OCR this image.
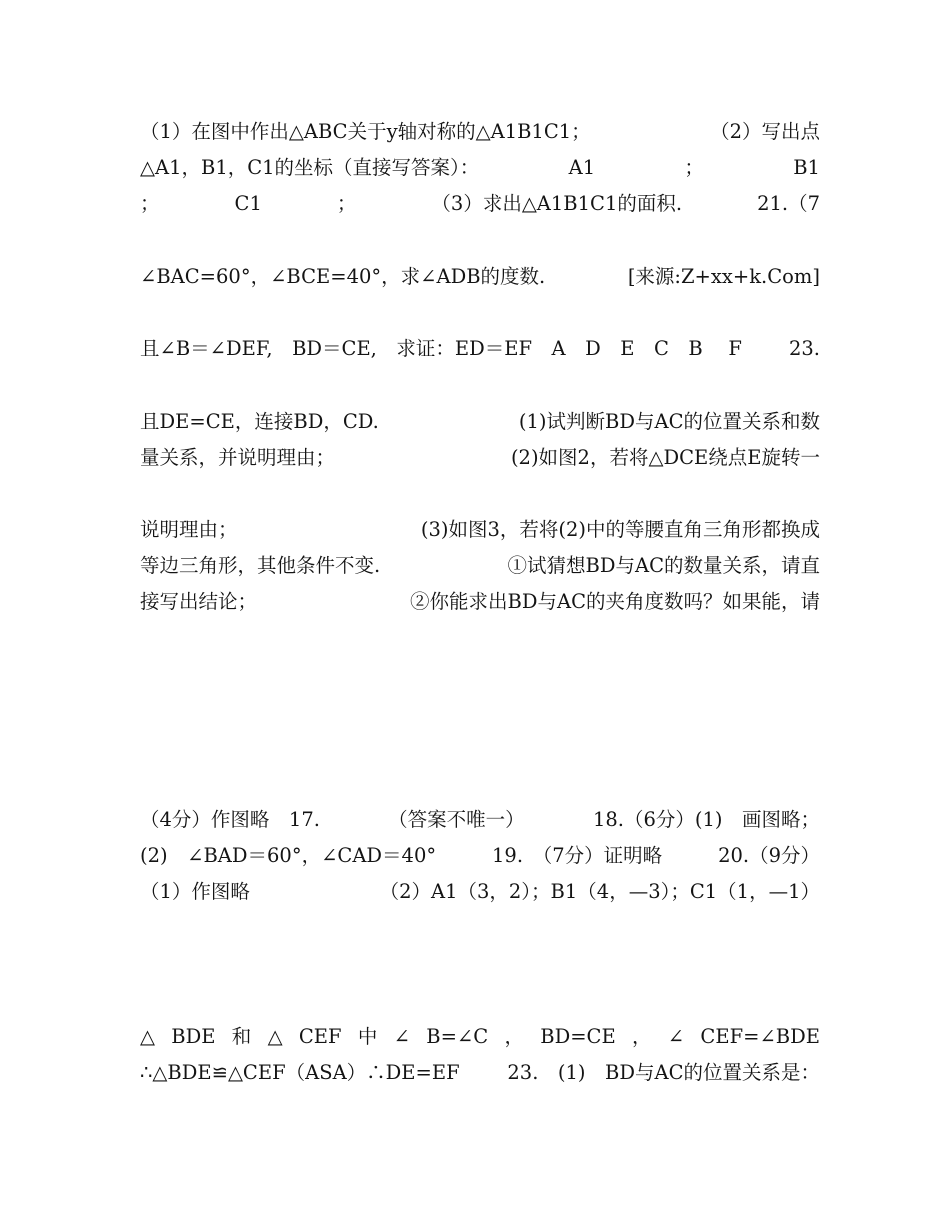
（1）在图中作出△ABC关于y轴对称的△A1B1C1；	（2）写出点
△A1，B1，C1的坐标（直接写答案）：	A1	；	B1
；	C1	；	（3）求出△A1B1C1的面积.	21.（7

∠BAC=60°，∠BCE=40°，求∠ADB的度数.	[来源:Z+xx+k.Com]

且∠B＝∠DEF,　BD＝CE,　求证：ED＝EF　A　D　E　C　B　 F 23.

且DE=CE，连接BD，CD.	(1)试判断BD与AC的位置关系和数
量关系，并说明理由；	(2)如图2，若将△DCE绕点E旋转一

说明理由；	(3)如图3，若将(2)中的等腰直角三角形都换成
等边三角形，其他条件不变.	①试猜想BD与AC的数量关系，请直
接写出结论；	②你能求出BD与AC的夹角度数吗？如果能，请

（4分）作图略　17.	（答案不唯一）	18.（6分）(1)　画图略；
(2)　∠BAD＝60°，∠CAD＝40°	19.　（7分）证明略	20.（9分）
（1）作图略	（2）A1（3，2）；B1（4，—3）；C1（1，—1）

△ BDE 和 △ CEF 中 ∠ B=∠C ， BD=CE ， ∠ CEF=∠BDE
∴△BDE≌△CEF（ASA）∴DE=EF 23.　(1)　BD与AC的位置关系是：
